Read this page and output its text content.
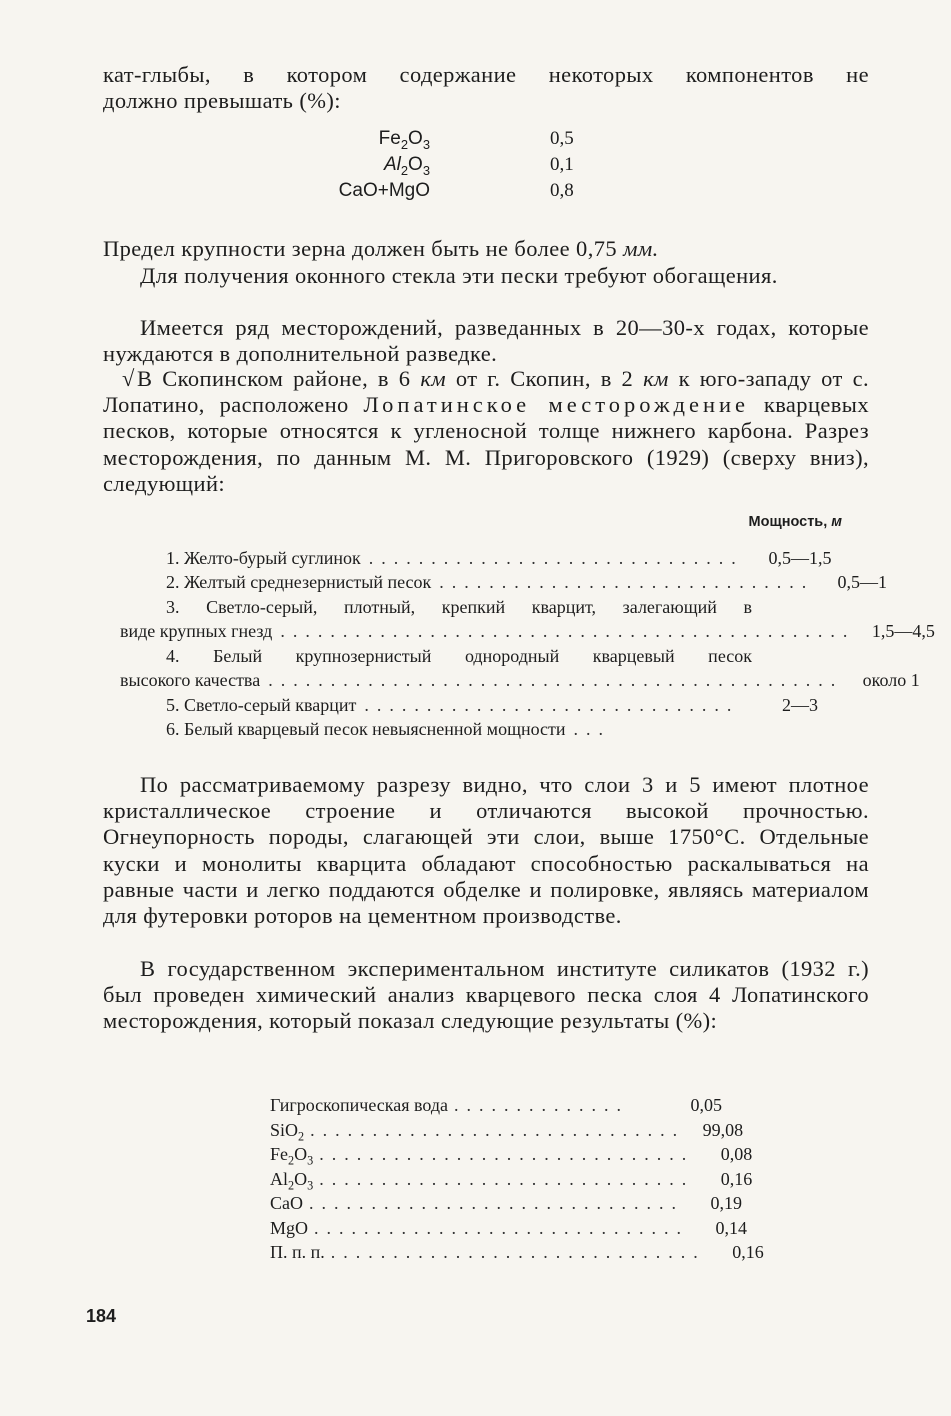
кат-глыбы, в котором содержание некоторых компонентов не
должно превышать (%):
$Fe_2O_3$	0,5
$Al_2O_3$	0,1
CaO+MgO	0,8
Предел крупности зерна должен быть не более 0,75 мм.
Для получения оконного стекла эти пески требуют обогащения.
Имеется ряд месторождений, разведанных в 20—30-х годах, которые нуждаются в дополнительной разведке.
√ В Скопинском районе, в 6 км от г. Скопин, в 2 км к юго-западу от с. Лопатино, расположено Лопатинское месторождение кварцевых песков, которые относятся к угленосной толще нижнего карбона. Разрез месторождения, по данным М. М. Пригоровского (1929) (сверху вниз), следующий:
Мощность, м
1. Желто-бурый суглинок ..............................	0,5—1,5
2. Желтый среднезернистый песок ..............................	0,5—1
3. Светло-серый, плотный, крепкий кварцит, залегающий в
виде крупных гнезд .............................................. 1,5—4,5
4. Белый крупнозернистый однородный кварцевый песок
высокого качества ..............................................	около 1
5. Светло-серый кварцит ..............................	2—3
6. Белый кварцевый песок невыясненной мощности ...
По рассматриваемому разрезу видно, что слои 3 и 5 имеют плотное кристаллическое строение и отличаются высокой прочностью. Огнеупорность породы, слагающей эти слои, выше 1750°С. Отдельные куски и монолиты кварцита обладают способностью раскалываться на равные части и легко поддаются обделке и полировке, являясь материалом для футеровки роторов на цементном производстве.
В государственном экспериментальном институте силикатов (1932 г.) был проведен химический анализ кварцевого песка слоя 4 Лопатинского месторождения, который показал следующие результаты (%):
Гигроскопическая вода ..............	0,05
SiO$_2$ .............................. 99,08
$Fe_2O_3$ ..............................	0,08
$Al_2O_3$ ..............................	0,16
CaO ..............................	0,19
MgO ..............................	0,14
П. п. п. ..............................	0,16
184
